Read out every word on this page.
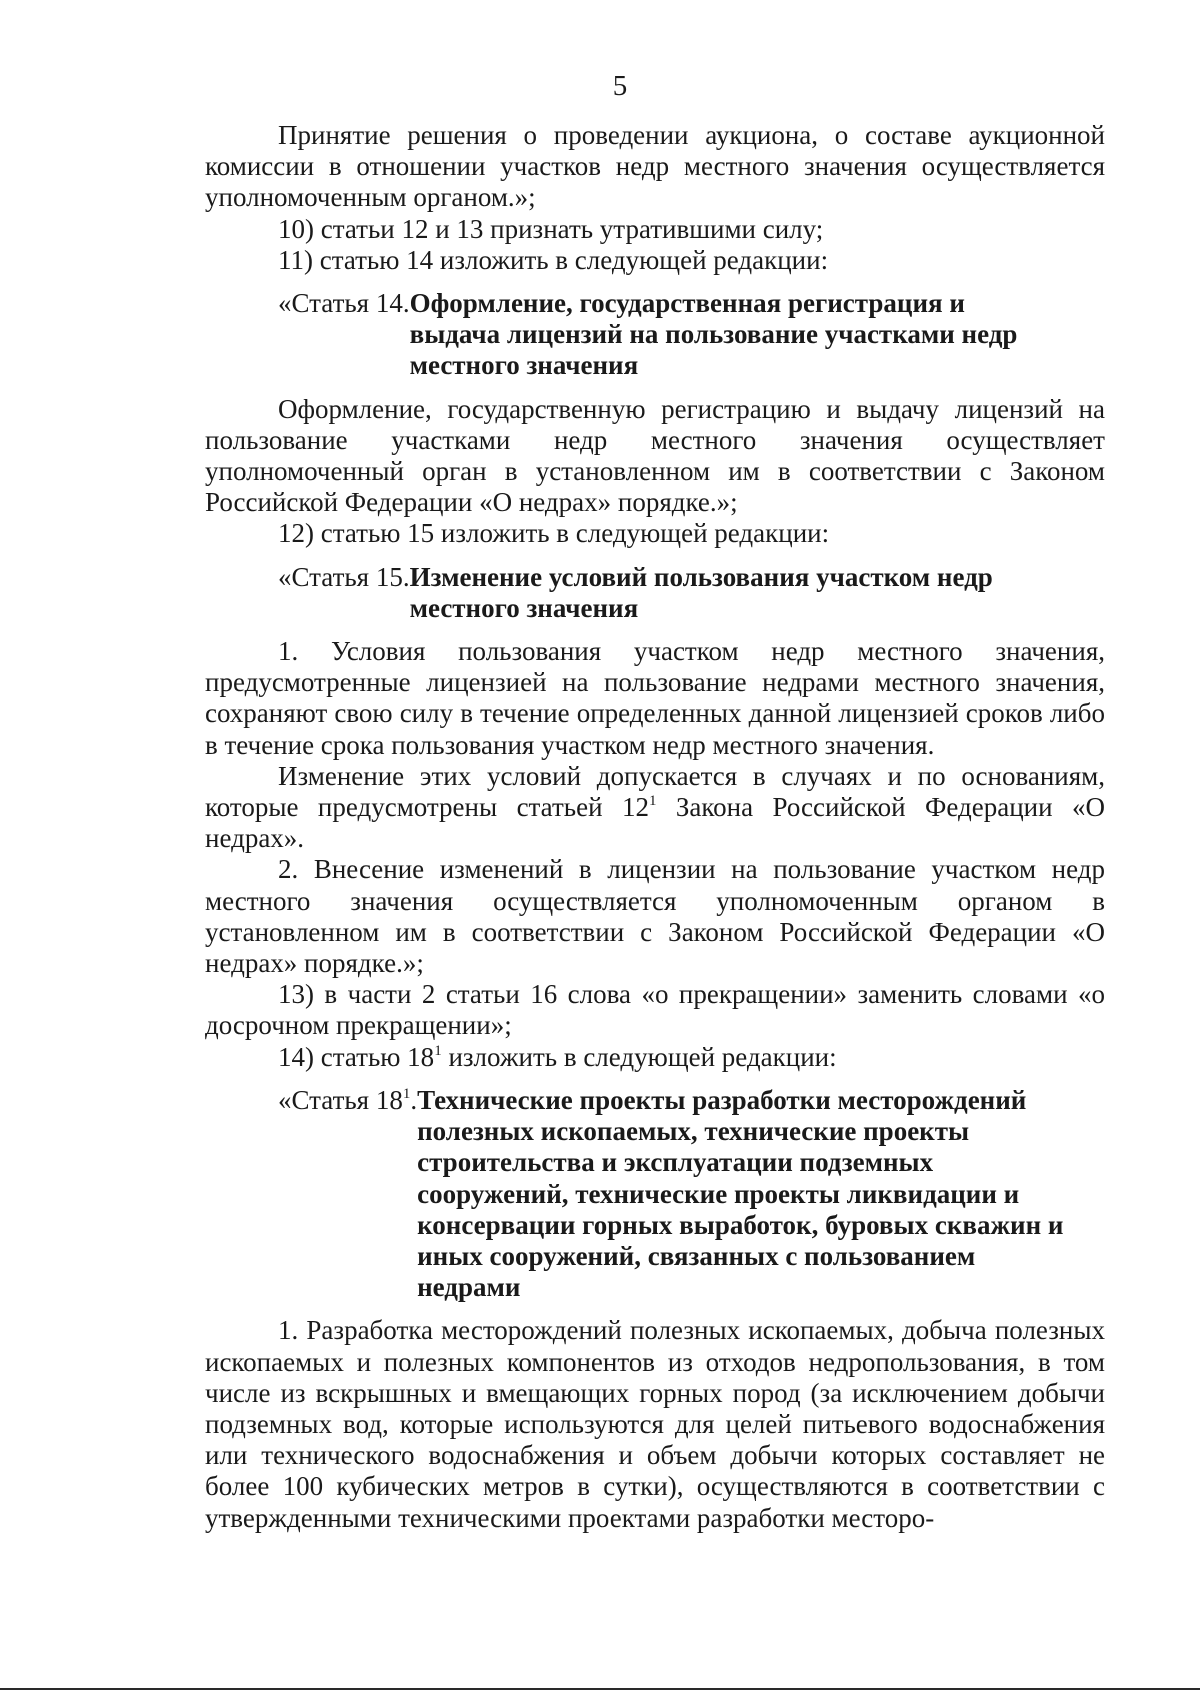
5

Принятие решения о проведении аукциона, о составе аукционной комиссии в отношении участков недр местного значения осуществляется уполномоченным органом.»;

10) статьи 12 и 13 признать утратившими силу;

11) статью 14 изложить в следующей редакции:

«Статья 14. Оформление, государственная регистрация и выдача лицензий на пользование участками недр местного значения

Оформление, государственную регистрацию и выдачу лицензий на пользование участками недр местного значения осуществляет уполномоченный орган в установленном им в соответствии с Законом Российской Федерации «О недрах» порядке.»;

12) статью 15 изложить в следующей редакции:

«Статья 15. Изменение условий пользования участком недр местного значения

1. Условия пользования участком недр местного значения, предусмотренные лицензией на пользование недрами местного значения, сохраняют свою силу в течение определенных данной лицензией сроков либо в течение срока пользования участком недр местного значения.

Изменение этих условий допускается в случаях и по основаниям, которые предусмотрены статьей $12^1$ Закона Российской Федерации «О недрах».

2. Внесение изменений в лицензии на пользование участком недр местного значения осуществляется уполномоченным органом в установленном им в соответствии с Законом Российской Федерации «О недрах» порядке.»;

13) в части 2 статьи 16 слова «о прекращении» заменить словами «о досрочном прекращении»;

14) статью $18^1$ изложить в следующей редакции:

«Статья $18^1$. Технические проекты разработки месторождений полезных ископаемых, технические проекты строительства и эксплуатации подземных сооружений, технические проекты ликвидации и консервации горных выработок, буровых скважин и иных сооружений, связанных с пользованием недрами

1. Разработка месторождений полезных ископаемых, добыча полезных ископаемых и полезных компонентов из отходов недропользования, в том числе из вскрышных и вмещающих горных пород (за исключением добычи подземных вод, которые используются для целей питьевого водоснабжения или технического водоснабжения и объем добычи которых составляет не более 100 кубических метров в сутки), осуществляются в соответствии с утвержденными техническими проектами разработки месторо-
